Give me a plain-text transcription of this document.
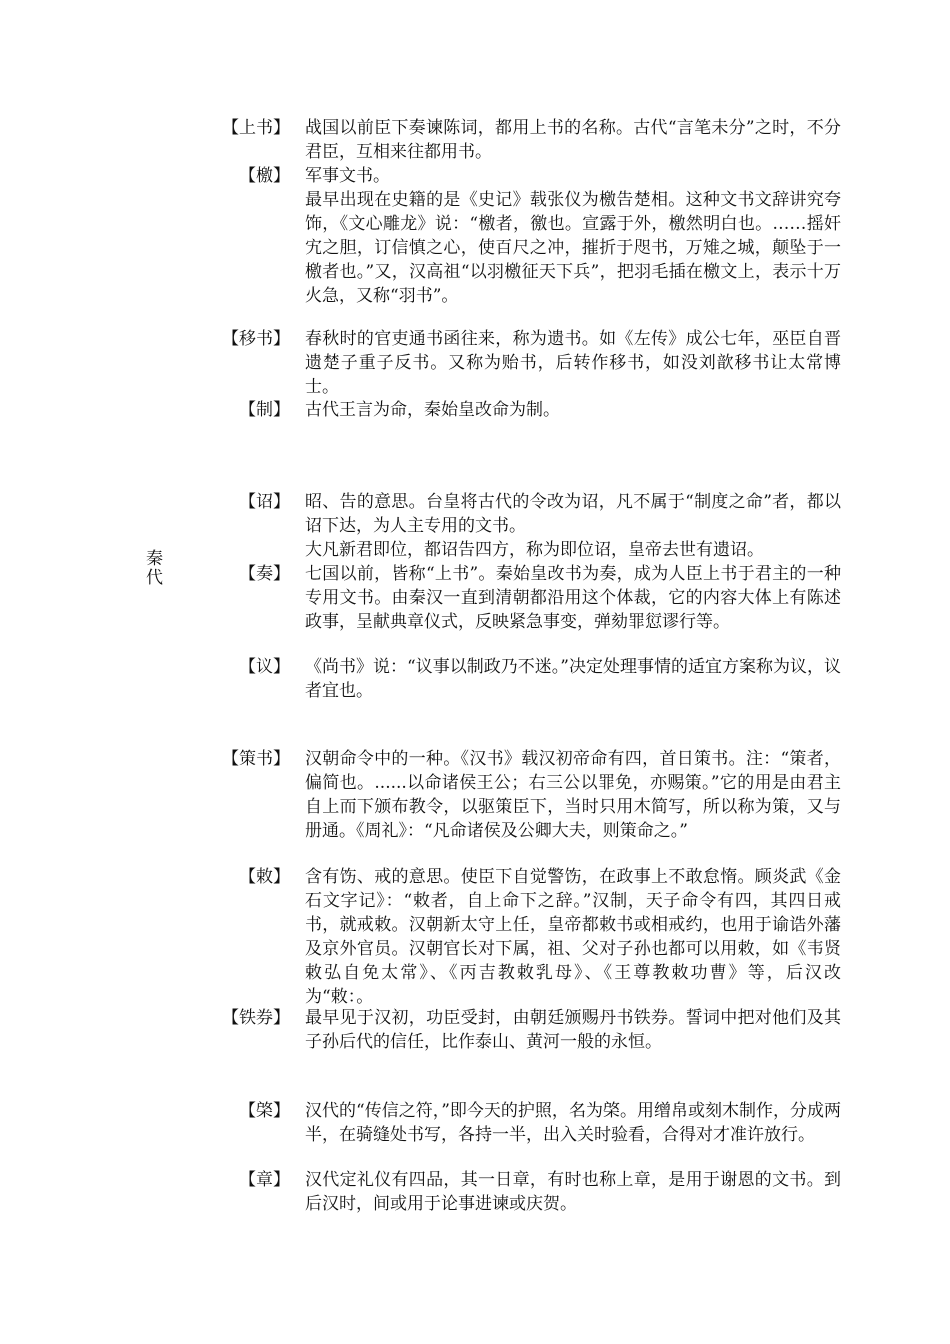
秦代
【上书】 战国以前臣下奏谏陈词，都用上书的名称。古代“言笔未分”之时，不分君臣，互相来往都用书。

【檄】 军事文书。

最早出现在史籍的是《史记》载张仪为檄告楚相。这种文书文辞讲究夸饰，《文心雕龙》说：“檄者，徼也。宣露于外，檄然明白也。……摇奸宄之胆，订信慎之心，使百尺之冲，摧折于咫书，万雉之城，颠坠于一檄者也。”又，汉高祖“以羽檄征天下兵”，把羽毛插在檄文上，表示十万火急，又称“羽书”。

【移书】 春秋时的官吏通书函往来，称为遗书。如《左传》成公七年，巫臣自晋遗楚子重子反书。又称为贻书，后转作移书，如没刘歆移书让太常博士。

【制】 古代王言为命，秦始皇改命为制。

【诏】 昭、告的意思。台皇将古代的令改为诏，凡不属于“制度之命”者，都以诏下达，为人主专用的文书。

大凡新君即位，都诏告四方，称为即位诏，皇帝去世有遗诏。

【奏】 七国以前，皆称“上书”。秦始皇改书为奏，成为人臣上书于君主的一种专用文书。由秦汉一直到清朝都沿用这个体裁，它的内容大体上有陈述政事，呈献典章仪式，反映紧急事变，弹劾罪愆谬行等。

【议】 《尚书》说：“议事以制政乃不迷。”决定处理事情的适宜方案称为议，议者宜也。

【策书】 汉朝命令中的一种。《汉书》载汉初帝命有四，首日策书。注：“策者，偏简也。......以命诸侯王公；右三公以罪免，亦赐策。”它的用是由君主自上而下颁布教令，以驱策臣下，当时只用木简写，所以称为策，又与册通。《周礼》：“凡命诸侯及公卿大夫，则策命之。”

【敕】 含有饬、戒的意思。使臣下自觉警饬，在政事上不敢怠惰。顾炎武《金石文字记》：“敕者，自上命下之辞。”汉制，天子命令有四，其四日戒书，就戒敕。汉朝新太守上任，皇帝都敕书或相戒约，也用于谕诰外藩及京外官员。汉朝官长对下属，祖、父对子孙也都可以用敕，如《韦贤敕弘自免太常》、《丙吉教敕乳母》、《王尊教敕功曹》等，后汉改为“敕：。

【铁券】 最早见于汉初，功臣受封，由朝廷颁赐丹书铁券。誓词中把对他们及其子孙后代的信任，比作泰山、黄河一般的永恒。

【棨】 汉代的“传信之符，”即今天的护照，名为棨。用缯帛或刻木制作，分成两半，在骑缝处书写，各持一半，出入关时验看，合得对才准许放行。

【章】 汉代定礼仪有四品，其一日章，有时也称上章，是用于谢恩的文书。到后汉时，间或用于论事进谏或庆贺。
